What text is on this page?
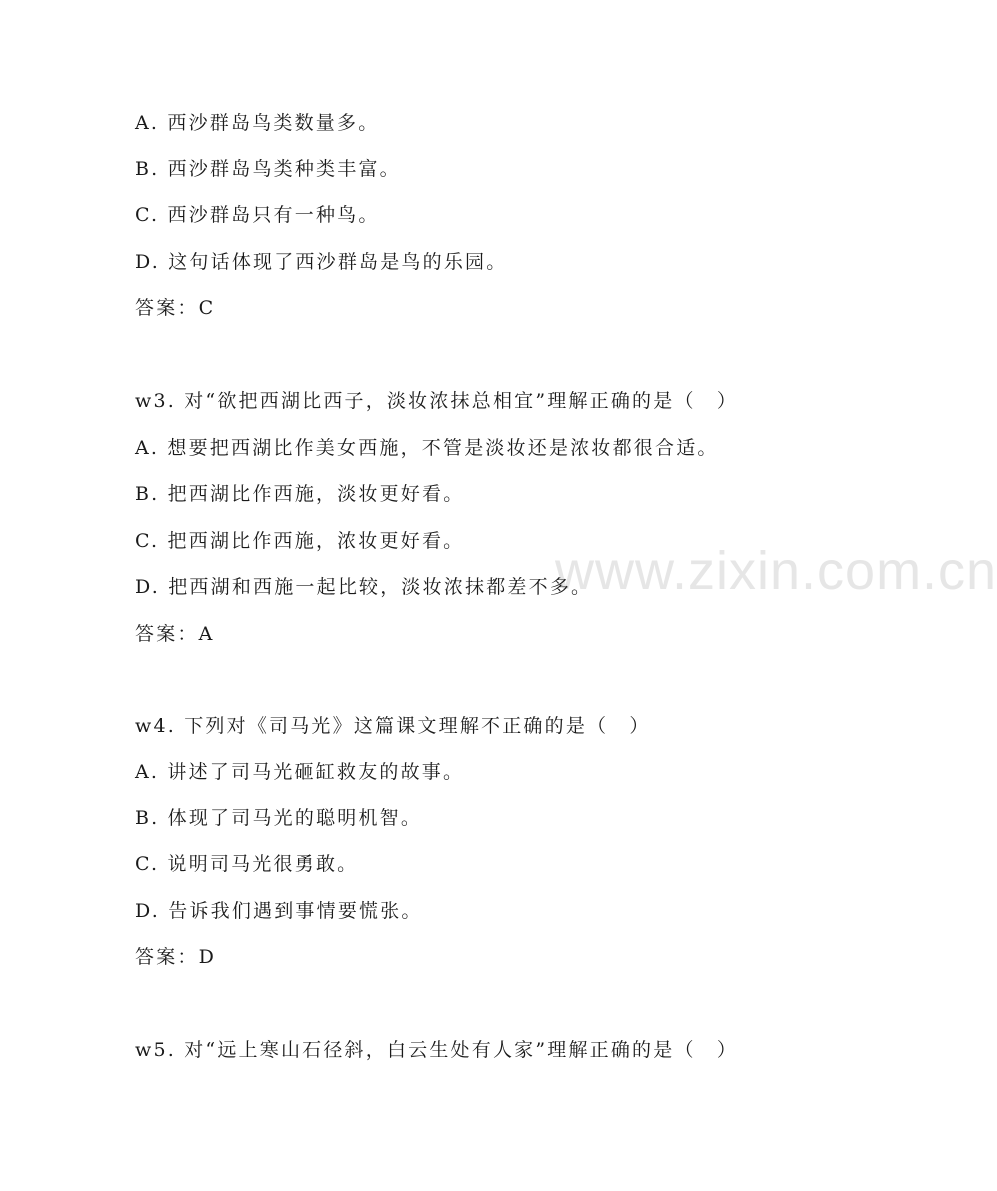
www.zixin.com.cn
A. 西沙群岛鸟类数量多。
B. 西沙群岛鸟类种类丰富。
C. 西沙群岛只有一种鸟。
D. 这句话体现了西沙群岛是鸟的乐园。
答案：C
w3. 对“欲把西湖比西子，淡妆浓抹总相宜”理解正确的是（　）
A. 想要把西湖比作美女西施，不管是淡妆还是浓妆都很合适。
B. 把西湖比作西施，淡妆更好看。
C. 把西湖比作西施，浓妆更好看。
D. 把西湖和西施一起比较，淡妆浓抹都差不多。
答案：A
w4. 下列对《司马光》这篇课文理解不正确的是（　）
A. 讲述了司马光砸缸救友的故事。
B. 体现了司马光的聪明机智。
C. 说明司马光很勇敢。
D. 告诉我们遇到事情要慌张。
答案：D
w5. 对“远上寒山石径斜，白云生处有人家”理解正确的是（　）
